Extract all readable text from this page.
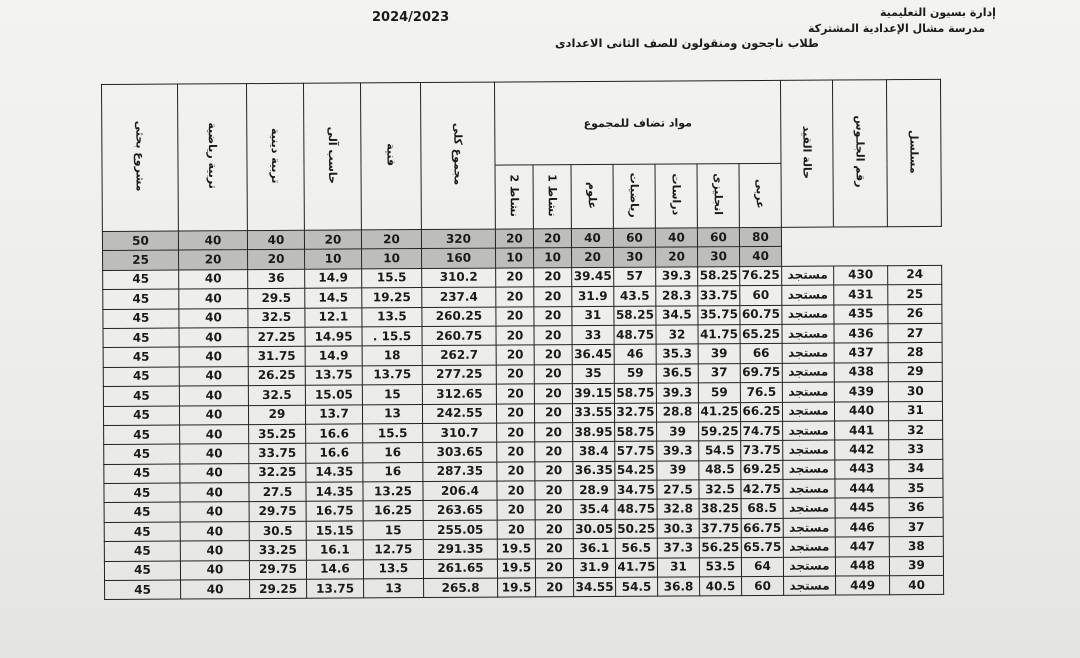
2024/2023	إدارة بسيون التعليمية
مدرسة مشال الإعدادية المشتركة
طلاب ناجحون ومنقولون للصف الثانى الاعدادى
مسلسل	رقم الجلـوس	حالة القيد	مواد تضاف للمجموع							مجموع كلى	فنية	حاسب آلى	تربية دينية	تربية رياضية	مشروع بحثى
			عربى	انجليزى	دراسات	رياضيات	علوم	نشاط 1	نشاط 2						
			80	60	40	60	40	20	20	320	20	20	40	40	50
			40	30	20	30	20	10	10	160	10	10	20	20	25
24	430	مستجد	76.25	58.25	39.3	57	39.45	20	20	310.2	15.5	14.9	36	40	45
25	431	مستجد	60	33.75	28.3	43.5	31.9	20	20	237.4	19.25	14.5	29.5	40	45
26	435	مستجد	60.75	35.75	34.5	58.25	31	20	20	260.25	13.5	12.1	32.5	40	45
27	436	مستجد	65.25	41.75	32	48.75	33	20	20	260.75	15.5 .	14.95	27.25	40	45
28	437	مستجد	66	39	35.3	46	36.45	20	20	262.7	18	14.9	31.75	40	45
29	438	مستجد	69.75	37	36.5	59	35	20	20	277.25	13.75	13.75	26.25	40	45
30	439	مستجد	76.5	59	39.3	58.75	39.15	20	20	312.65	15	15.05	32.5	40	45
31	440	مستجد	66.25	41.25	28.8	32.75	33.55	20	20	242.55	13	13.7	29	40	45
32	441	مستجد	74.75	59.25	39	58.75	38.95	20	20	310.7	15.5	16.6	35.25	40	45
33	442	مستجد	73.75	54.5	39.3	57.75	38.4	20	20	303.65	16	16.6	33.75	40	45
34	443	مستجد	69.25	48.5	39	54.25	36.35	20	20	287.35	16	14.35	32.25	40	45
35	444	مستجد	42.75	32.5	27.5	34.75	28.9	20	20	206.4	13.25	14.35	27.5	40	45
36	445	مستجد	68.5	38.25	32.8	48.75	35.4	20	20	263.65	16.25	16.75	29.75	40	45
37	446	مستجد	66.75	37.75	30.3	50.25	30.05	20	20	255.05	15	15.15	30.5	40	45
38	447	مستجد	65.75	56.25	37.3	56.5	36.1	20	19.5	291.35	12.75	16.1	33.25	40	45
39	448	مستجد	64	53.5	31	41.75	31.9	20	19.5	261.65	13.5	14.6	29.75	40	45
40	449	مستجد	60	40.5	36.8	54.5	34.55	20	19.5	265.8	13	13.75	29.25	40	45
